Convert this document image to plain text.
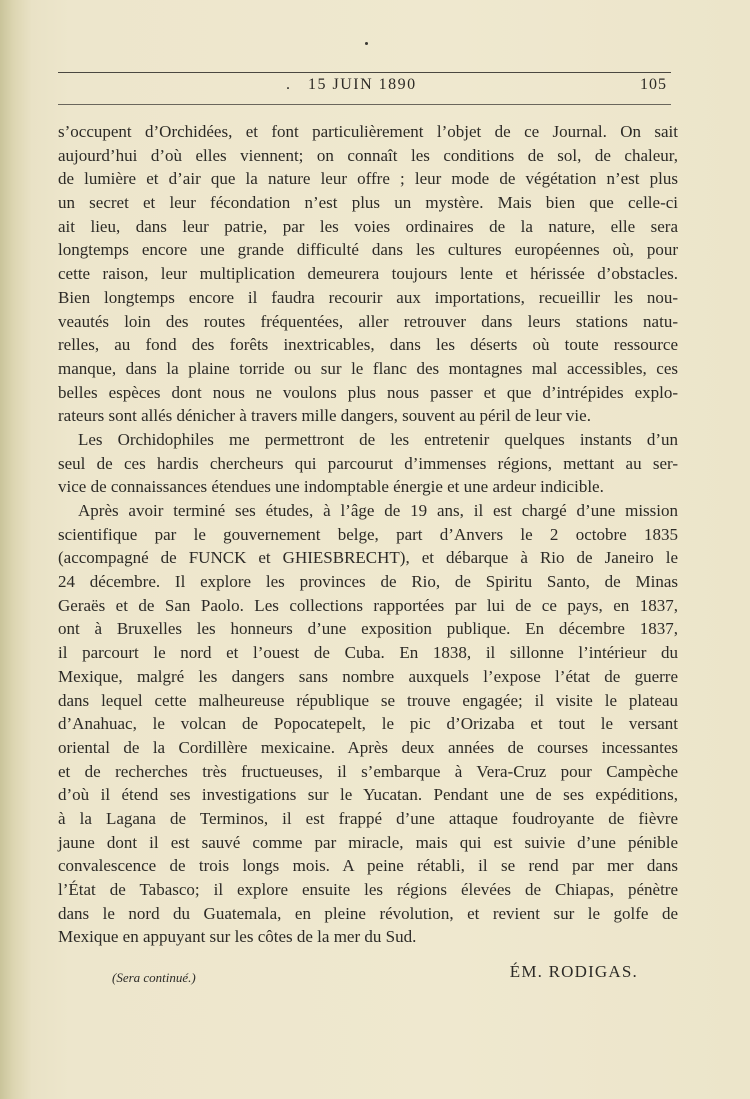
. 15 JUIN 1890	105
s’occupent d’Orchidées, et font particulièrement l’objet de ce Journal. On sait
aujourd’hui d’où elles viennent; on connaît les conditions de sol, de chaleur,
de lumière et d’air que la nature leur offre ; leur mode de végétation n’est plus
un secret et leur fécondation n’est plus un mystère. Mais bien que celle-ci
ait lieu, dans leur patrie, par les voies ordinaires de la nature, elle sera
longtemps encore une grande difficulté dans les cultures européennes où, pour
cette raison, leur multiplication demeurera toujours lente et hérissée d’obstacles.
Bien longtemps encore il faudra recourir aux importations, recueillir les nou-
veautés loin des routes fréquentées, aller retrouver dans leurs stations natu-
relles, au fond des forêts inextricables, dans les déserts où toute ressource
manque, dans la plaine torride ou sur le flanc des montagnes mal accessibles, ces
belles espèces dont nous ne voulons plus nous passer et que d’intrépides explo-
rateurs sont allés dénicher à travers mille dangers, souvent au péril de leur vie.
Les Orchidophiles me permettront de les entretenir quelques instants d’un
seul de ces hardis chercheurs qui parcourut d’immenses régions, mettant au ser-
vice de connaissances étendues une indomptable énergie et une ardeur indicible.
Après avoir terminé ses études, à l’âge de 19 ans, il est chargé d’une mission
scientifique par le gouvernement belge, part d’Anvers le 2 octobre 1835
(accompagné de FUNCK et GHIESBRECHT), et débarque à Rio de Janeiro le
24 décembre. Il explore les provinces de Rio, de Spiritu Santo, de Minas
Geraës et de San Paolo. Les collections rapportées par lui de ce pays, en 1837,
ont à Bruxelles les honneurs d’une exposition publique. En décembre 1837,
il parcourt le nord et l’ouest de Cuba. En 1838, il sillonne l’intérieur du
Mexique, malgré les dangers sans nombre auxquels l’expose l’état de guerre
dans lequel cette malheureuse république se trouve engagée; il visite le plateau
d’Anahuac, le volcan de Popocatepelt, le pic d’Orizaba et tout le versant
oriental de la Cordillère mexicaine. Après deux années de courses incessantes
et de recherches très fructueuses, il s’embarque à Vera-Cruz pour Campèche
d’où il étend ses investigations sur le Yucatan. Pendant une de ses expéditions,
à la Lagana de Terminos, il est frappé d’une attaque foudroyante de fièvre
jaune dont il est sauvé comme par miracle, mais qui est suivie d’une pénible
convalescence de trois longs mois. A peine rétabli, il se rend par mer dans
l’État de Tabasco; il explore ensuite les régions élevées de Chiapas, pénètre
dans le nord du Guatemala, en pleine révolution, et revient sur le golfe de
Mexique en appuyant sur les côtes de la mer du Sud.
(Sera continué.)	ÉM. RODIGAS.
